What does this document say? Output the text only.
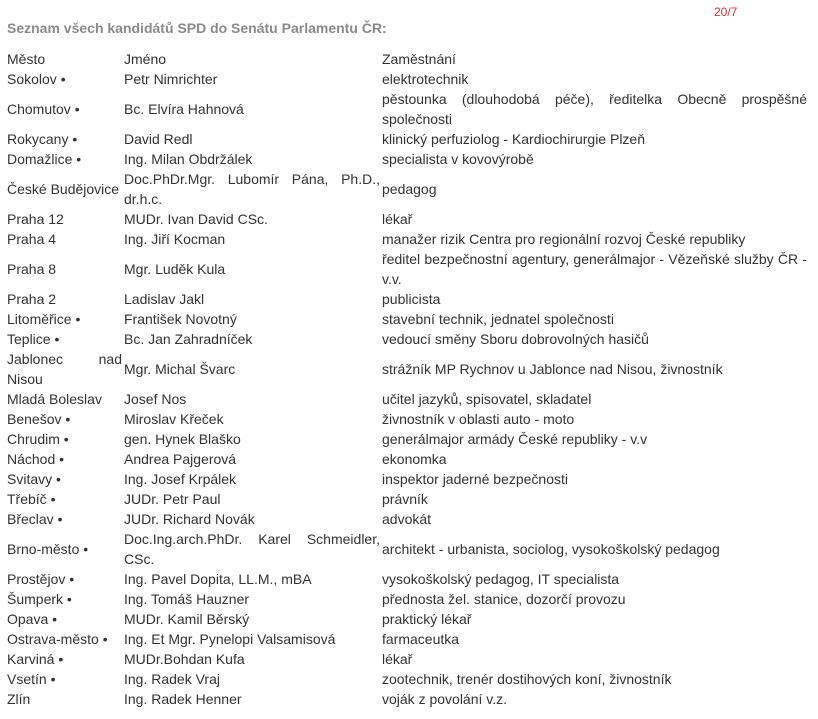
20/7
Seznam všech kandidátů SPD do Senátu Parlamentu ČR:
Město	Jméno	Zaměstnání
Sokolov •	Petr Nimrichter	elektrotechnik
Chomutov •	Bc. Elvíra Hahnová	pěstounka (dlouhodobá péče), ředitelka Obecně prospěšné společnosti
Rokycany •	David Redl	klinický perfuziolog - Kardiochirurgie Plzeň
Domažlice •	Ing. Milan Obdržálek	specialista v kovovýrobě
České Budějovice	Doc.PhDr.Mgr. Lubomír Pána, Ph.D., dr.h.c.	pedagog
Praha 12	MUDr. Ivan David CSc.	lékař
Praha 4	Ing. Jiří Kocman	manažer rizik Centra pro regionální rozvoj České republiky
Praha 8	Mgr. Luděk Kula	ředitel bezpečnostní agentury, generálmajor - Vězeňské služby ČR - v.v.
Praha 2	Ladislav Jakl	publicista
Litoměřice •	František Novotný	stavební technik, jednatel společnosti
Teplice •	Bc. Jan Zahradníček	vedoucí směny Sboru dobrovolných hasičů
Jablonec nad Nisou	Mgr. Michal Švarc	strážník MP Rychnov u Jablonce nad Nisou, živnostník
Mladá Boleslav	Josef Nos	učitel jazyků, spisovatel, skladatel
Benešov •	Miroslav Křeček	živnostník v oblasti auto - moto
Chrudim •	gen. Hynek Blaško	generálmajor armády České republiky - v.v
Náchod •	Andrea Pajgerová	ekonomka
Svitavy •	Ing. Josef Krpálek	inspektor jaderné bezpečnosti
Třebíč •	JUDr. Petr Paul	právník
Břeclav •	JUDr. Richard Novák	advokát
Brno-město •	Doc.Ing.arch.PhDr. Karel Schmeidler, CSc.	architekt - urbanista, sociolog, vysokoškolský pedagog
Prostějov •	Ing. Pavel Dopita, LL.M., mBA	vysokoškolský pedagog, IT specialista
Šumperk •	Ing. Tomáš Hauzner	přednosta žel. stanice, dozorčí provozu
Opava •	MUDr. Kamil Běrský	praktický lékař
Ostrava-město •	Ing. Et Mgr. Pynelopi Valsamisová	farmaceutka
Karviná •	MUDr.Bohdan Kufa	lékař
Vsetín •	Ing. Radek Vraj	zootechnik, trenér dostihových koní, živnostník
Zlín	Ing. Radek Henner	voják z povolání v.z.
